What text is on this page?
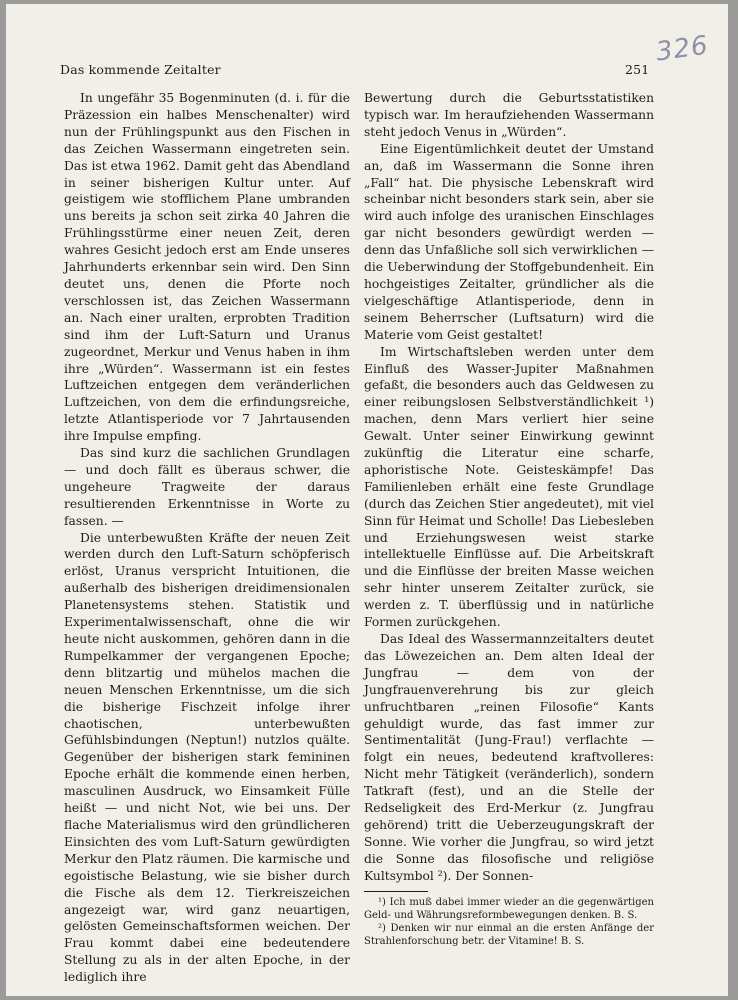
326
Das kommende Zeitalter	251

In ungefähr 35 Bogenminuten (d. i. für die Präzession ein halbes Menschenalter) wird nun der Frühlingspunkt aus den Fischen in das Zeichen Wassermann eingetreten sein. Das ist etwa 1962. Damit geht das Abendland in seiner bisherigen Kultur unter. Auf geistigem wie stofflichem Plane umbranden uns bereits ja schon seit zirka 40 Jahren die Frühlingsstürme einer neuen Zeit, deren wahres Gesicht jedoch erst am Ende unseres Jahrhunderts erkennbar sein wird. Den Sinn deutet uns, denen die Pforte noch verschlossen ist, das Zeichen Wassermann an. Nach einer uralten, erprobten Tradition sind ihm der Luft-Saturn und Uranus zugeordnet, Merkur und Venus haben in ihm ihre „Würden“. Wassermann ist ein festes Luftzeichen entgegen dem veränderlichen Luftzeichen, von dem die erfindungsreiche, letzte Atlantisperiode vor 7 Jahrtausenden ihre Impulse empfing.

Das sind kurz die sachlichen Grundlagen — und doch fällt es überaus schwer, die ungeheure Tragweite der daraus resultierenden Erkenntnisse in Worte zu fassen. —

Die unterbewußten Kräfte der neuen Zeit werden durch den Luft-Saturn schöpferisch erlöst, Uranus verspricht Intuitionen, die außerhalb des bisherigen dreidimensionalen Planetensystems stehen. Statistik und Experimentalwissenschaft, ohne die wir heute nicht auskommen, gehören dann in die Rumpelkammer der vergangenen Epoche; denn blitzartig und mühelos machen die neuen Menschen Erkenntnisse, um die sich die bisherige Fischzeit infolge ihrer chaotischen, unterbewußten Gefühlsbindungen (Neptun!) nutzlos quälte. Gegenüber der bisherigen stark femininen Epoche erhält die kommende einen herben, masculinen Ausdruck, wo Einsamkeit Fülle heißt — und nicht Not, wie bei uns. Der flache Materialismus wird den gründlicheren Einsichten des vom Luft-Saturn gewürdigten Merkur den Platz räumen. Die karmische und egoistische Belastung, wie sie bisher durch die Fische als dem 12. Tierkreiszeichen angezeigt war, wird ganz neuartigen, gelösten Gemeinschaftsformen weichen. Der Frau kommt dabei eine bedeutendere Stellung zu als in der alten Epoche, in der lediglich ihre

Bewertung durch die Geburtsstatistiken typisch war. Im heraufziehenden Wassermann steht jedoch Venus in „Würden“.

Eine Eigentümlichkeit deutet der Umstand an, daß im Wassermann die Sonne ihren „Fall“ hat. Die physische Lebenskraft wird scheinbar nicht besonders stark sein, aber sie wird auch infolge des uranischen Einschlages gar nicht besonders gewürdigt werden — denn das Unfaßliche soll sich verwirklichen — die Ueberwindung der Stoffgebundenheit. Ein hochgeistiges Zeitalter, gründlicher als die vielgeschäftige Atlantisperiode, denn in seinem Beherrscher (Luftsaturn) wird die Materie vom Geist gestaltet!

Im Wirtschaftsleben werden unter dem Einfluß des Wasser-Jupiter Maßnahmen gefaßt, die besonders auch das Geldwesen zu einer reibungslosen Selbstverständlichkeit ¹) machen, denn Mars verliert hier seine Gewalt. Unter seiner Einwirkung gewinnt zukünftig die Literatur eine scharfe, aphoristische Note. Geisteskämpfe! Das Familienleben erhält eine feste Grundlage (durch das Zeichen Stier angedeutet), mit viel Sinn für Heimat und Scholle! Das Liebesleben und Erziehungswesen weist starke intellektuelle Einflüsse auf. Die Arbeitskraft und die Einflüsse der breiten Masse weichen sehr hinter unserem Zeitalter zurück, sie werden z. T. überflüssig und in natürliche Formen zurückgehen.

Das Ideal des Wassermannzeitalters deutet das Löwezeichen an. Dem alten Ideal der Jungfrau — dem von der Jungfrauenverehrung bis zur gleich unfruchtbaren „reinen Filosofie“ Kants gehuldigt wurde, das fast immer zur Sentimentalität (Jung-Frau!) verflachte — folgt ein neues, bedeutend kraftvolleres: Nicht mehr Tätigkeit (veränderlich), sondern Tatkraft (fest), und an die Stelle der Redseligkeit des Erd-Merkur (z. Jungfrau gehörend) tritt die Ueberzeugungskraft der Sonne. Wie vorher die Jungfrau, so wird jetzt die Sonne das filosofische und religiöse Kultsymbol ²). Der Sonnen-

¹) Ich muß dabei immer wieder an die gegenwärtigen Geld- und Währungsreformbewegungen denken. B. S.

²) Denken wir nur einmal an die ersten Anfänge der Strahlenforschung betr. der Vitamine! B. S.
